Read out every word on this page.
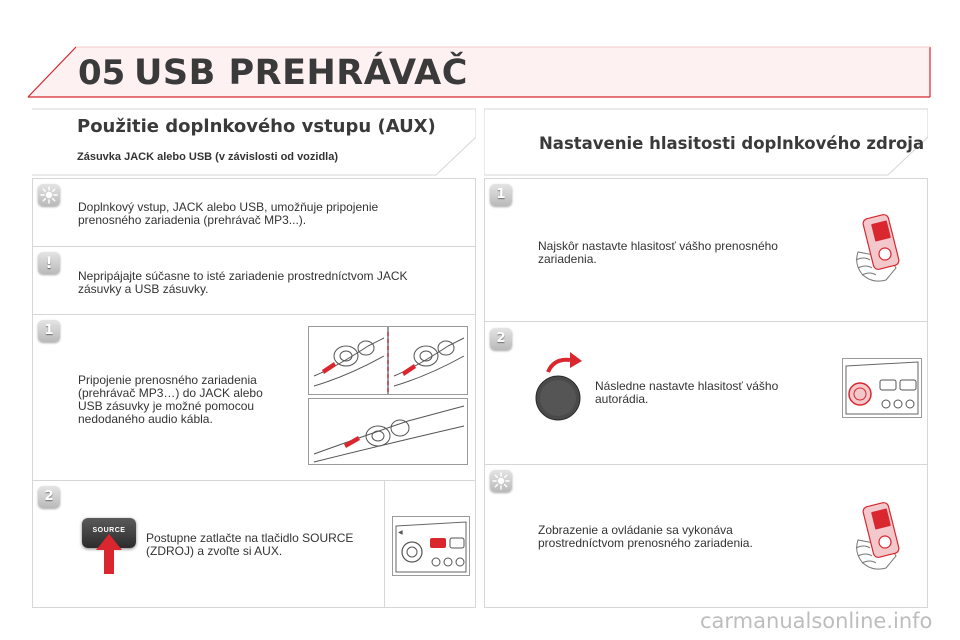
05 USB PREHRÁVAČ
Použitie doplnkového vstupu (AUX)
Zásuvka JACK alebo USB (v závislosti od vozidla)
Doplnkový vstup, JACK alebo USB, umožňuje pripojenie prenosného zariadenia (prehrávač MP3...).
!
Nepripájajte súčasne to isté zariadenie prostredníctvom JACK zásuvky a USB zásuvky.
1
Pripojenie prenosného zariadenia (prehrávač MP3…) do JACK alebo USB zásuvky je možné pomocou nedodaného audio kábla.
2
SOURCE
Postupne zatlačte na tlačidlo SOURCE (ZDROJ) a zvoľte si AUX.
◀
Nastavenie hlasitosti doplnkového zdroja
1
Najskôr nastavte hlasitosť vášho prenosného zariadenia.
2
Následne nastavte hlasitosť vášho autorádia.
Zobrazenie a ovládanie sa vykonáva prostredníctvom prenosného zariadenia.
carmanualsonline.info
